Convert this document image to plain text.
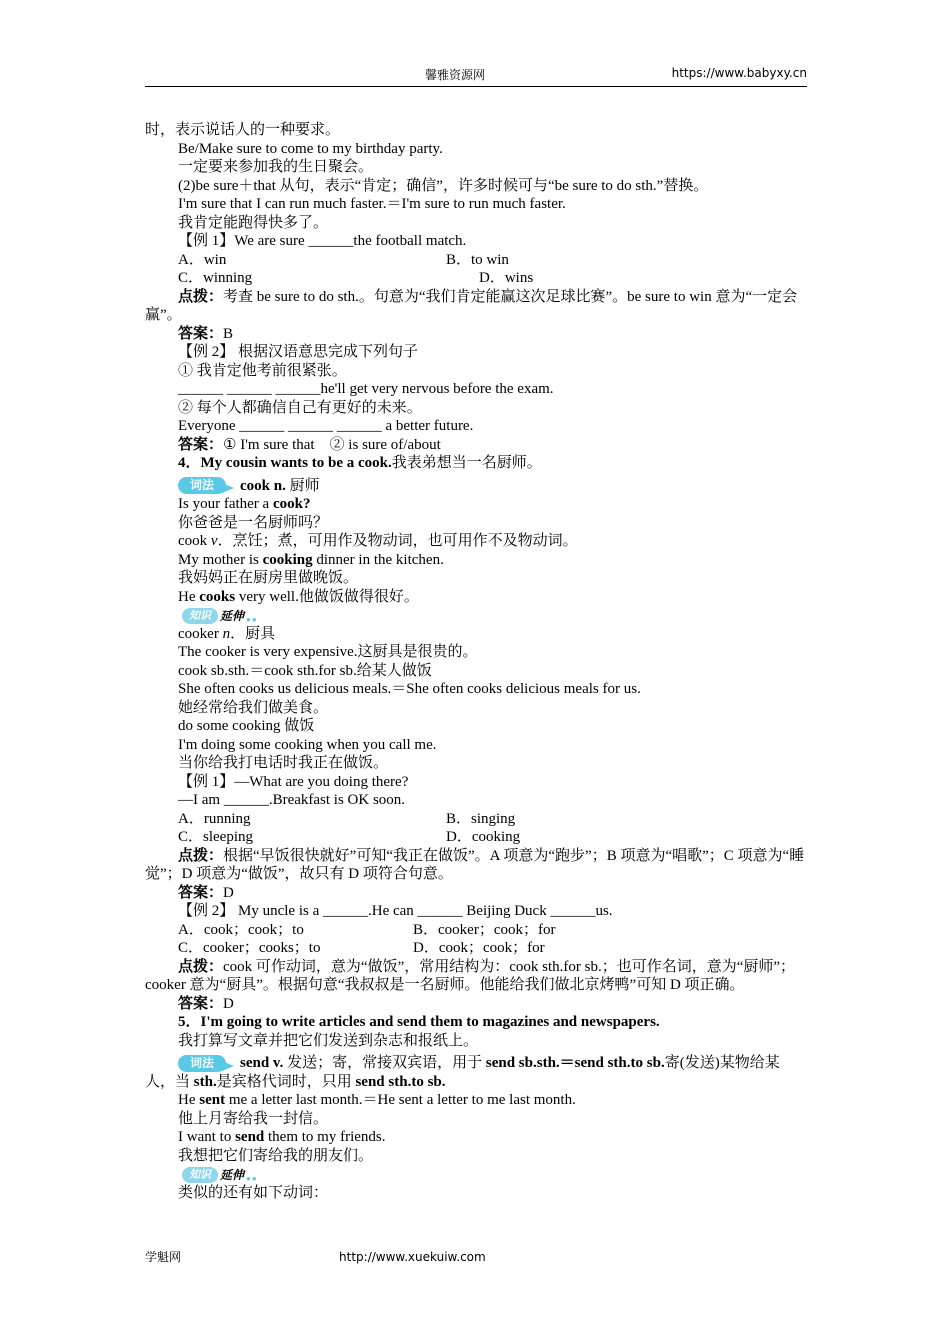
馨雅资源网	https://www.babyxy.cn
时，表示说话人的一种要求。
Be/Make sure to come to my birthday party.
一定要来参加我的生日聚会。
(2)be sure＋that 从句，表示“肯定；确信”，许多时候可与“be sure to do sth.”替换。
I'm sure that I can run much faster.＝I'm sure to run much faster.
我肯定能跑得快多了。
【例 1】We are sure ______the football match.
A．win	B．to win
C．winning	D．wins
点拨：考查 be sure to do sth.。句意为“我们肯定能赢这次足球比赛”。be sure to win 意为“一定会赢”。
答案：B
【例 2】 根据汉语意思完成下列句子
① 我肯定他考前很紧张。
______ ______ ______he'll get very nervous before the exam.
② 每个人都确信自己有更好的未来。
Everyone ______ ______ ______ a better future.
答案：① I'm sure that　② is sure of/about
4．My cousin wants to be a cook.我表弟想当一名厨师。
词法	cook n. 厨师
Is your father a cook?
你爸爸是一名厨师吗？
cook v．烹饪；煮，可用作及物动词，也可用作不及物动词。
My mother is cooking dinner in the kitchen.
我妈妈正在厨房里做晚饭。
He cooks very well.他做饭做得很好。
知识 延伸 ●●
cooker n．厨具
The cooker is very expensive.这厨具是很贵的。
cook sb.sth.＝cook sth.for sb.给某人做饭
She often cooks us delicious meals.＝She often cooks delicious meals for us.
她经常给我们做美食。
do some cooking 做饭
I'm doing some cooking when you call me.
当你给我打电话时我正在做饭。
【例 1】—What are you doing there?
—I am ______.Breakfast is OK soon.
A．running	B．singing
C．sleeping	D．cooking
点拨：根据“早饭很快就好”可知“我正在做饭”。A 项意为“跑步”；B 项意为“唱歌”；C 项意为“睡觉”；D 项意为“做饭”，故只有 D 项符合句意。
答案：D
【例 2】 My uncle is a ______.He can ______ Beijing Duck ______us.
A．cook；cook；to	B．cooker；cook；for
C．cooker；cooks；to	D．cook；cook；for
点拨：cook 可作动词，意为“做饭”，常用结构为：cook sth.for sb.；也可作名词，意为“厨师”；cooker 意为“厨具”。根据句意“我叔叔是一名厨师。他能给我们做北京烤鸭”可知 D 项正确。
答案：D
5．I'm going to write articles and send them to magazines and newspapers.
我打算写文章并把它们发送到杂志和报纸上。
词法	send v. 发送；寄，常接双宾语，用于 send sb.sth.＝send sth.to sb.寄(发送)某物给某人，当 sth.是宾格代词时，只用 send sth.to sb.
He sent me a letter last month.＝He sent a letter to me last month.
他上月寄给我一封信。
I want to send them to my friends.
我想把它们寄给我的朋友们。
知识 延伸 ●●
类似的还有如下动词：
学魁网	http://www.xuekuiw.com
